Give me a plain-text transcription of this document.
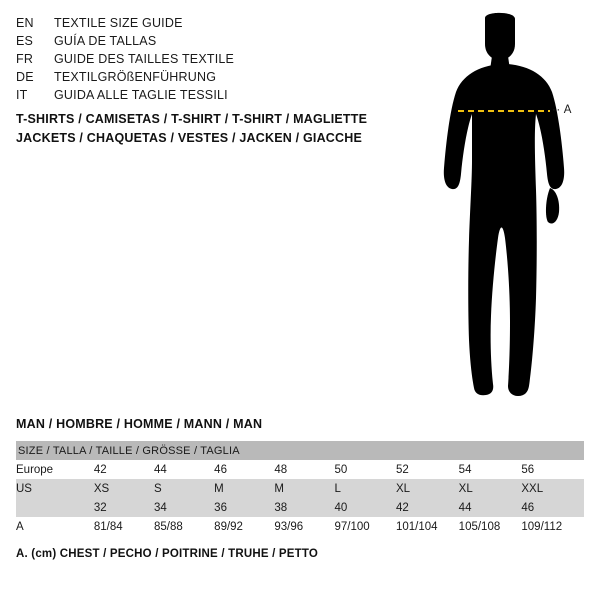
EN	TEXTILE SIZE GUIDE
ES	GUÍA DE TALLAS
FR	GUIDE DES TAILLES TEXTILE
DE	TEXTILGRÖßENFÜHRUNG
IT	GUIDA ALLE TAGLIE TESSILI
T-SHIRTS / CAMISETAS / T-SHIRT / T-SHIRT / MAGLIETTE
JACKETS / CHAQUETAS / VESTES / JACKEN / GIACCHE
·· A
MAN / HOMBRE / HOMME / MANN / MAN
SIZE / TALLA / TAILLE / GRÖSSE / TAGLIA								
Europe	42	44	46	48	50	52	54	56
US	XS	S	M	M	L	XL	XL	XXL
	32	34	36	38	40	42	44	46
A	81/84	85/88	89/92	93/96	97/100	101/104	105/108	109/112
A. (cm) CHEST / PECHO / POITRINE / TRUHE / PETTO
